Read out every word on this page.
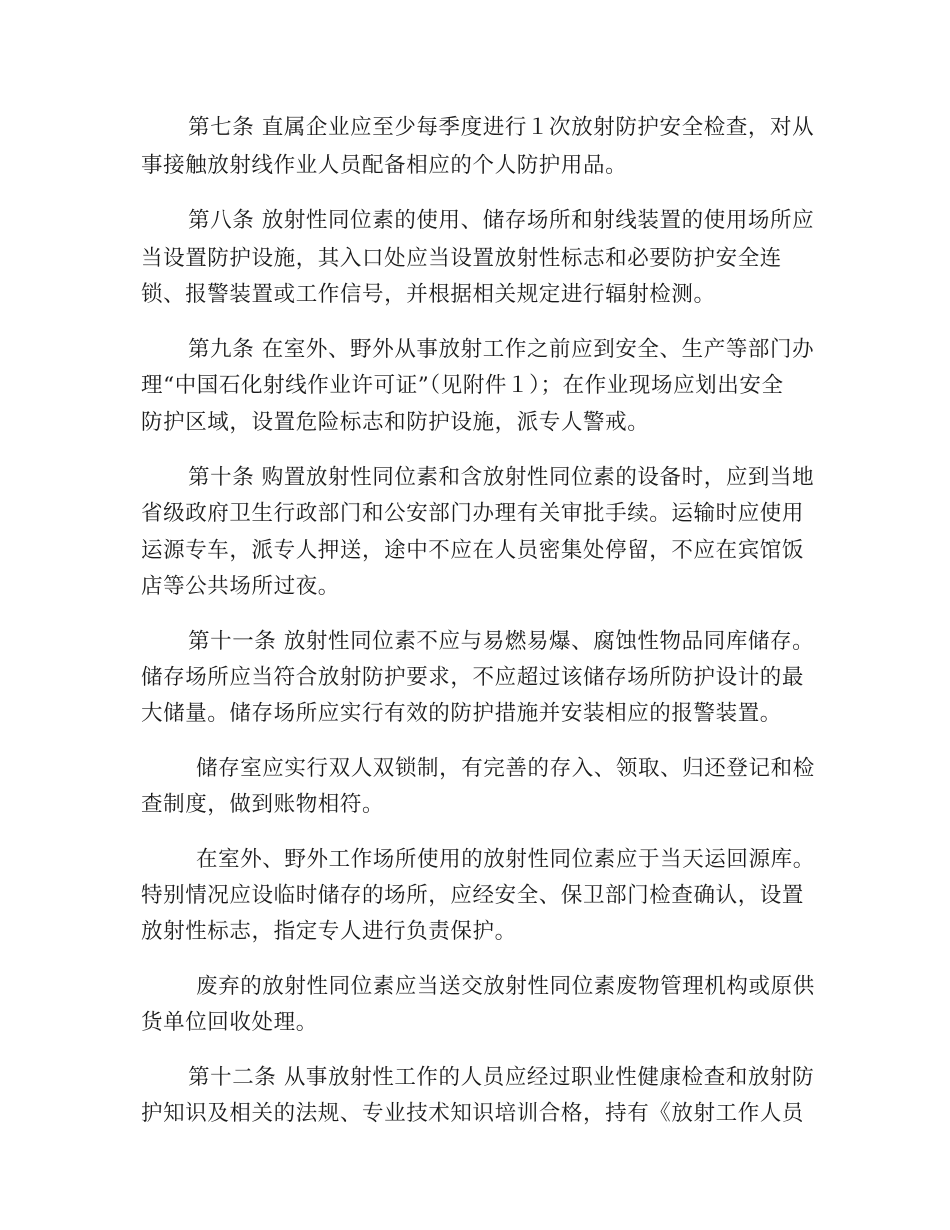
第七条 直属企业应至少每季度进行１次放射防护安全检查，对从
事接触放射线作业人员配备相应的个人防护用品。
第八条 放射性同位素的使用、储存场所和射线装置的使用场所应
当设置防护设施，其入口处应当设置放射性标志和必要防护安全连
锁、报警装置或工作信号，并根据相关规定进行辐射检测。
第九条 在室外、野外从事放射工作之前应到安全、生产等部门办
理“中国石化射线作业许可证”（见附件１）；在作业现场应划出安全
防护区域，设置危险标志和防护设施，派专人警戒。
第十条 购置放射性同位素和含放射性同位素的设备时，应到当地
省级政府卫生行政部门和公安部门办理有关审批手续。运输时应使用
运源专车，派专人押送，途中不应在人员密集处停留，不应在宾馆饭
店等公共场所过夜。
第十一条 放射性同位素不应与易燃易爆、腐蚀性物品同库储存。
储存场所应当符合放射防护要求，不应超过该储存场所防护设计的最
大储量。储存场所应实行有效的防护措施并安装相应的报警装置。
储存室应实行双人双锁制，有完善的存入、领取、归还登记和检
查制度，做到账物相符。
在室外、野外工作场所使用的放射性同位素应于当天运回源库。
特别情况应设临时储存的场所，应经安全、保卫部门检查确认，设置
放射性标志，指定专人进行负责保护。
废弃的放射性同位素应当送交放射性同位素废物管理机构或原供
货单位回收处理。
第十二条 从事放射性工作的人员应经过职业性健康检查和放射防
护知识及相关的法规、专业技术知识培训合格，持有《放射工作人员
